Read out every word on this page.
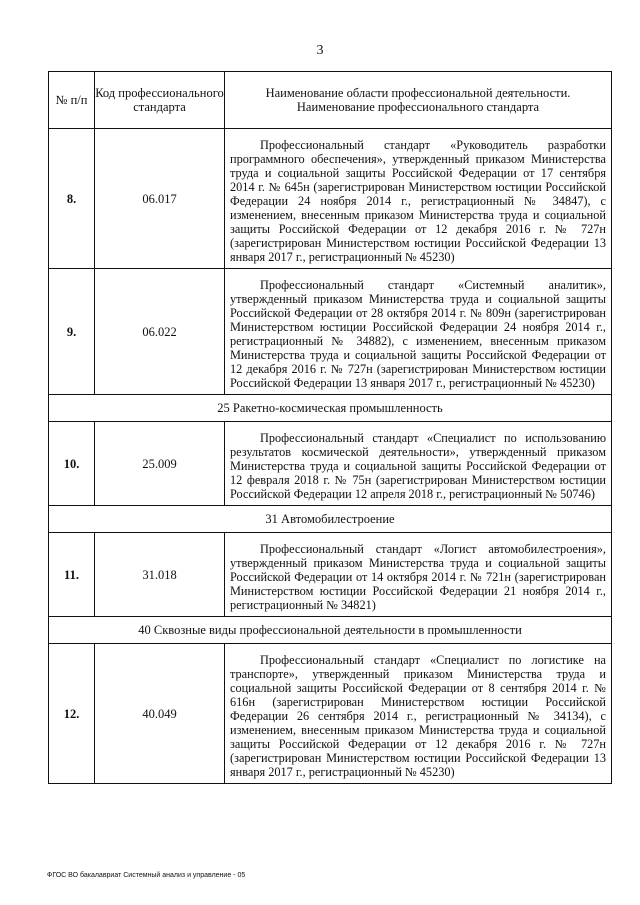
3
№ п/п	Код профессионального стандарта	Наименование области профессиональной деятельности.
Наименование профессионального стандарта

8.	06.017	Профессиональный стандарт «Руководитель разработки программного обеспечения», утвержденный приказом Министерства труда и социальной защиты Российской Федерации от 17 сентября 2014 г. № 645н (зарегистрирован Министерством юстиции Российской Федерации 24 ноября 2014 г., регистрационный № 34847), с изменением, внесенным приказом Министерства труда и социальной защиты Российской Федерации от 12 декабря 2016 г. № 727н (зарегистрирован Министерством юстиции Российской Федерации 13 января 2017 г., регистрационный № 45230)

9.	06.022	Профессиональный стандарт «Системный аналитик», утвержденный приказом Министерства труда и социальной защиты Российской Федерации от 28 октября 2014 г. № 809н (зарегистрирован Министерством юстиции Российской Федерации 24 ноября 2014 г., регистрационный № 34882), с изменением, внесенным приказом Министерства труда и социальной защиты Российской Федерации от 12 декабря 2016 г. № 727н (зарегистрирован Министерством юстиции Российской Федерации 13 января 2017 г., регистрационный № 45230)

25 Ракетно-космическая промышленность		
10.	25.009	Профессиональный стандарт «Специалист по использованию результатов космической деятельности», утвержденный приказом Министерства труда и социальной защиты Российской Федерации от 12 февраля 2018 г. № 75н (зарегистрирован Министерством юстиции Российской Федерации 12 апреля 2018 г., регистрационный № 50746)

31 Автомобилестроение		
11.	31.018	Профессиональный стандарт «Логист автомобилестроения», утвержденный приказом Министерства труда и социальной защиты Российской Федерации от 14 октября 2014 г. № 721н (зарегистрирован Министерством юстиции Российской Федерации 21 ноября 2014 г., регистрационный № 34821)

40 Сквозные виды профессиональной деятельности в промышленности		
12.	40.049	Профессиональный стандарт «Специалист по логистике на транспорте», утвержденный приказом Министерства труда и социальной защиты Российской Федерации от 8 сентября 2014 г. № 616н (зарегистрирован Министерством юстиции Российской Федерации 26 сентября 2014 г., регистрационный № 34134), с изменением, внесенным приказом Министерства труда и социальной защиты Российской Федерации от 12 декабря 2016 г. № 727н (зарегистрирован Министерством юстиции Российской Федерации 13 января 2017 г., регистрационный № 45230)
ФГОС ВО бакалавриат Системный анализ и управление - 05
